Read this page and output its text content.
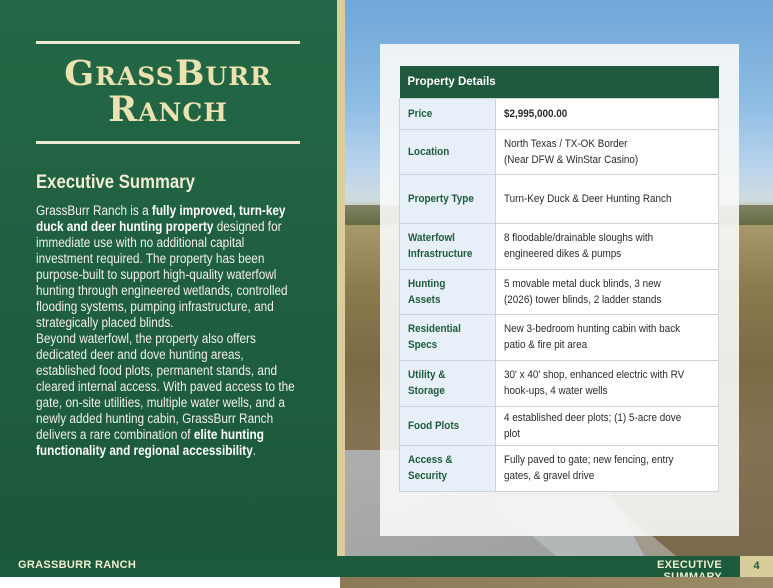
GrassBurr
Ranch
Executive Summary
GrassBurr Ranch is a fully improved, turn-key duck and deer hunting property designed for immediate use with no additional capital investment required. The property has been purpose-built to support high-quality waterfowl hunting through engineered wetlands, controlled flooding systems, pumping infrastructure, and strategically placed blinds.
Beyond waterfowl, the property also offers dedicated deer and dove hunting areas, established food plots, permanent stands, and cleared internal access. With paved access to the gate, on-site utilities, multiple water wells, and a newly added hunting cabin, GrassBurr Ranch delivers a rare combination of elite hunting functionality and regional accessibility.
Property Details	
Price	$2,995,000.00
Location	North Texas / TX-OK Border
(Near DFW & WinStar Casino)
Property Type	Turn-Key Duck & Deer Hunting Ranch
Waterfowl Infrastructure	8 floodable/drainable sloughs with engineered dikes & pumps
Hunting Assets	5 movable metal duck blinds, 3 new (2026) tower blinds, 2 ladder stands
Residential Specs	New 3-bedroom hunting cabin with back patio & fire pit area
Utility & Storage	30' x 40' shop, enhanced electric with RV hook-ups, 4 water wells
Food Plots	4 established deer plots; (1) 5-acre dove plot
Access & Security	Fully paved to gate; new fencing, entry gates, & gravel drive
GRASSBURR RANCH	EXECUTIVE	4
